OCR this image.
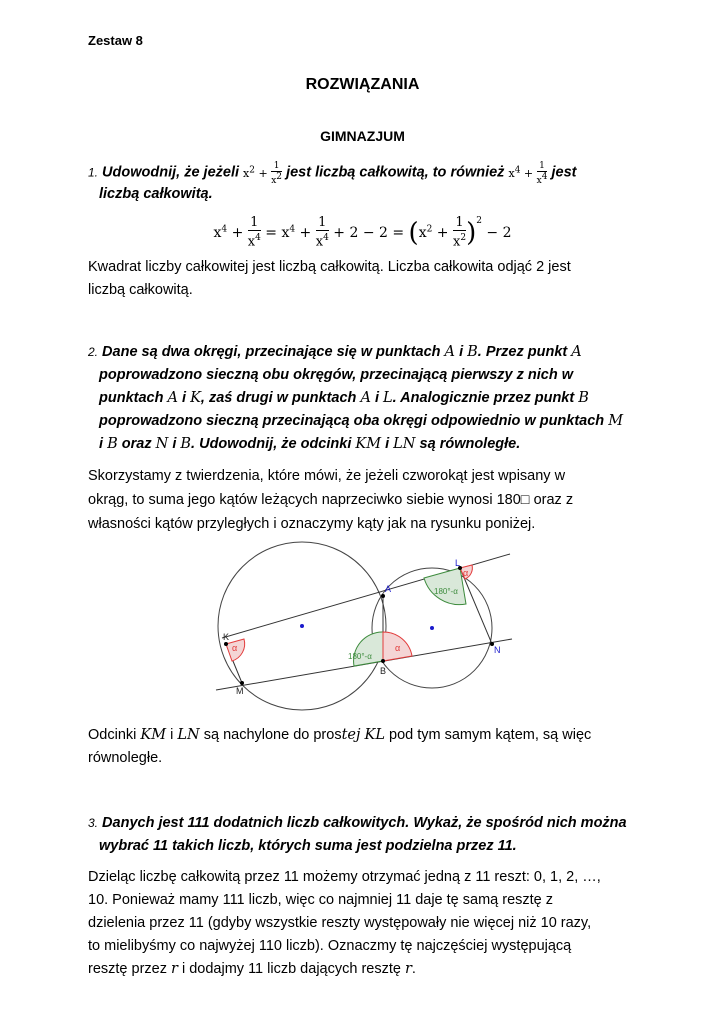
Zestaw 8
ROZWIĄZANIA
GIMNAZJUM
1. Udowodnij, że jeżeli $x^2 + \frac{1}{x^2}$ jest liczbą całkowitą, to również $x^4 + \frac{1}{x^4}$ jest
liczbą całkowitą.
$x^4 + \frac{1}{x^4} = x^4 + \frac{1}{x^4} + 2 - 2 = (x^2 + \frac{1}{x^2} )^2 - 2$
Kwadrat liczby całkowitej jest liczbą całkowitą. Liczba całkowita odjąć 2 jest
liczbą całkowitą.
2. Dane są dwa okręgi, przecinające się w punktach A i B. Przez punkt A
poprowadzono sieczną obu okręgów, przecinającą pierwszy z nich w
punktach A i K, zaś drugi w punktach A i L. Analogicznie przez punkt B
poprowadzono sieczną przecinającą oba okręgi odpowiednio w punktach M
i B oraz N i B. Udowodnij, że odcinki KM i LN są równoległe.
Skorzystamy z twierdzenia, które mówi, że jeżeli czworokąt jest wpisany w
okrąg, to suma jego kątów leżących naprzeciwko siebie wynosi 180□ oraz z
własności kątów przyległych i oznaczymy kąty jak na rysunku poniżej.
A
B
K
L
M
N
α	α
α
180°-α
180°-α
Odcinki KM i LN są nachylone do prostej KL pod tym samym kątem, są więc
równoległe.
3. Danych jest 111 dodatnich liczb całkowitych. Wykaż, że spośród nich można
wybrać 11 takich liczb, których suma jest podzielna przez 11.
Dzieląc liczbę całkowitą przez 11 możemy otrzymać jedną z 11 reszt: 0, 1, 2, …,
10. Ponieważ mamy 111 liczb, więc co najmniej 11 daje tę samą resztę z
dzielenia przez 11 (gdyby wszystkie reszty występowały nie więcej niż 10 razy,
to mielibyśmy co najwyżej 110 liczb). Oznaczmy tę najczęściej występującą
resztę przez r i dodajmy 11 liczb dających resztę r.
